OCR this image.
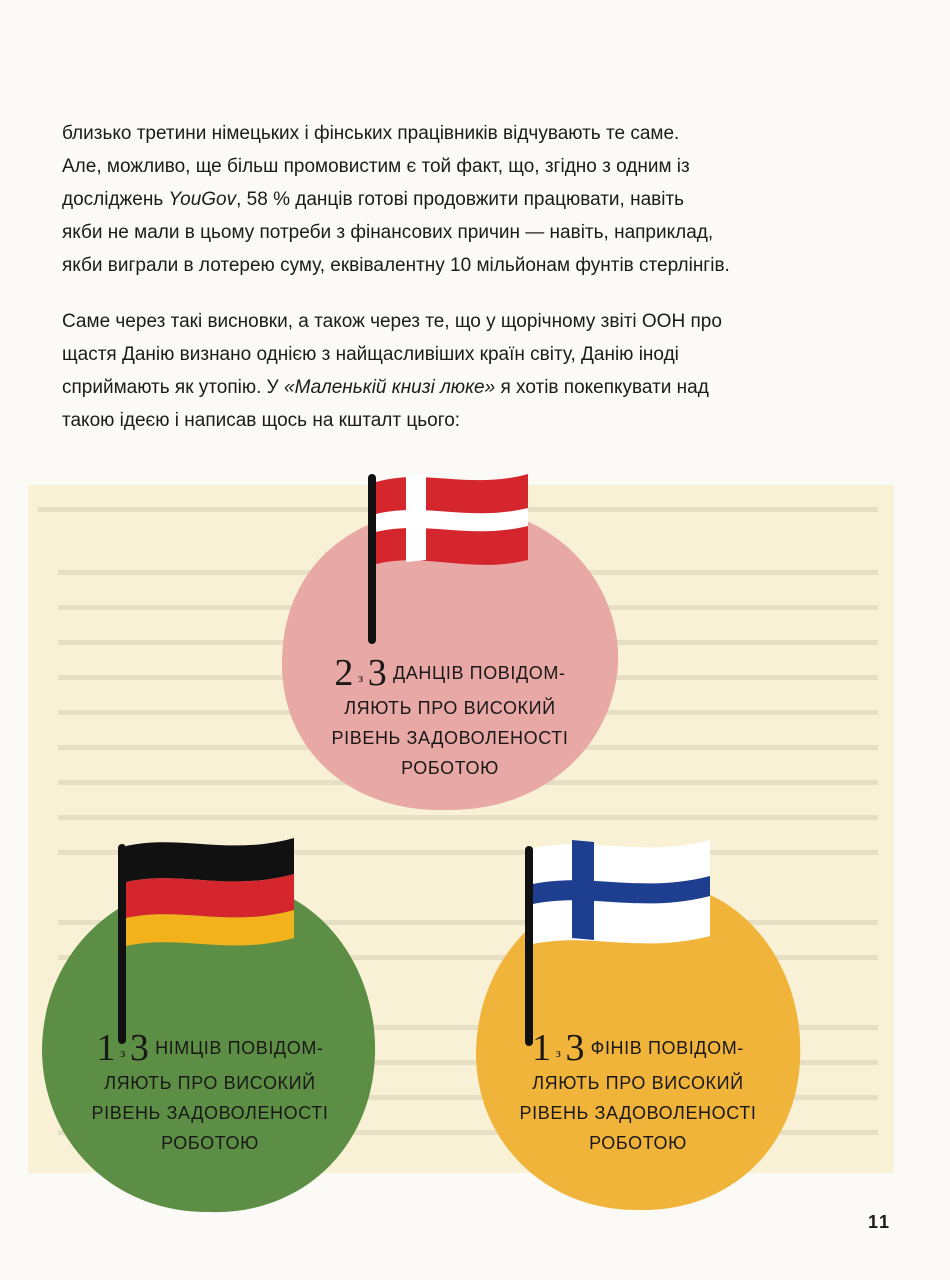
близько третини німецьких і фінських працівників відчувають те саме.

Але, можливо, ще більш промовистим є той факт, що, згідно з одним із

досліджень YouGov, 58 % данців готові продовжити працювати, навіть

якби не мали в цьому потреби з фінансових причин — навіть, наприклад,

якби виграли в лотерею суму, еквівалентну 10 мільйонам фунтів стерлінгів.

Саме через такі висновки, а також через те, що у щорічному звіті ООН про

щастя Данію визнано однією з найщасливіших країн світу, Данію іноді

сприймають як утопію. У «Маленькій книзі люке» я хотів покепкувати над

такою ідеєю і написав щось на кшталт цього:

2 з 3 ДАНЦІВ ПОВІДОМ-
ЛЯЮТЬ ПРО ВИСОКИЙ
РІВЕНЬ ЗАДОВОЛЕНОСТІ
РОБОТОЮ
1 з 3 НІМЦІВ ПОВІДОМ-
ЛЯЮТЬ ПРО ВИСОКИЙ
РІВЕНЬ ЗАДОВОЛЕНОСТІ
РОБОТОЮ
1 з 3 ФІНІВ ПОВІДОМ-
ЛЯЮТЬ ПРО ВИСОКИЙ
РІВЕНЬ ЗАДОВОЛЕНОСТІ
РОБОТОЮ
11
